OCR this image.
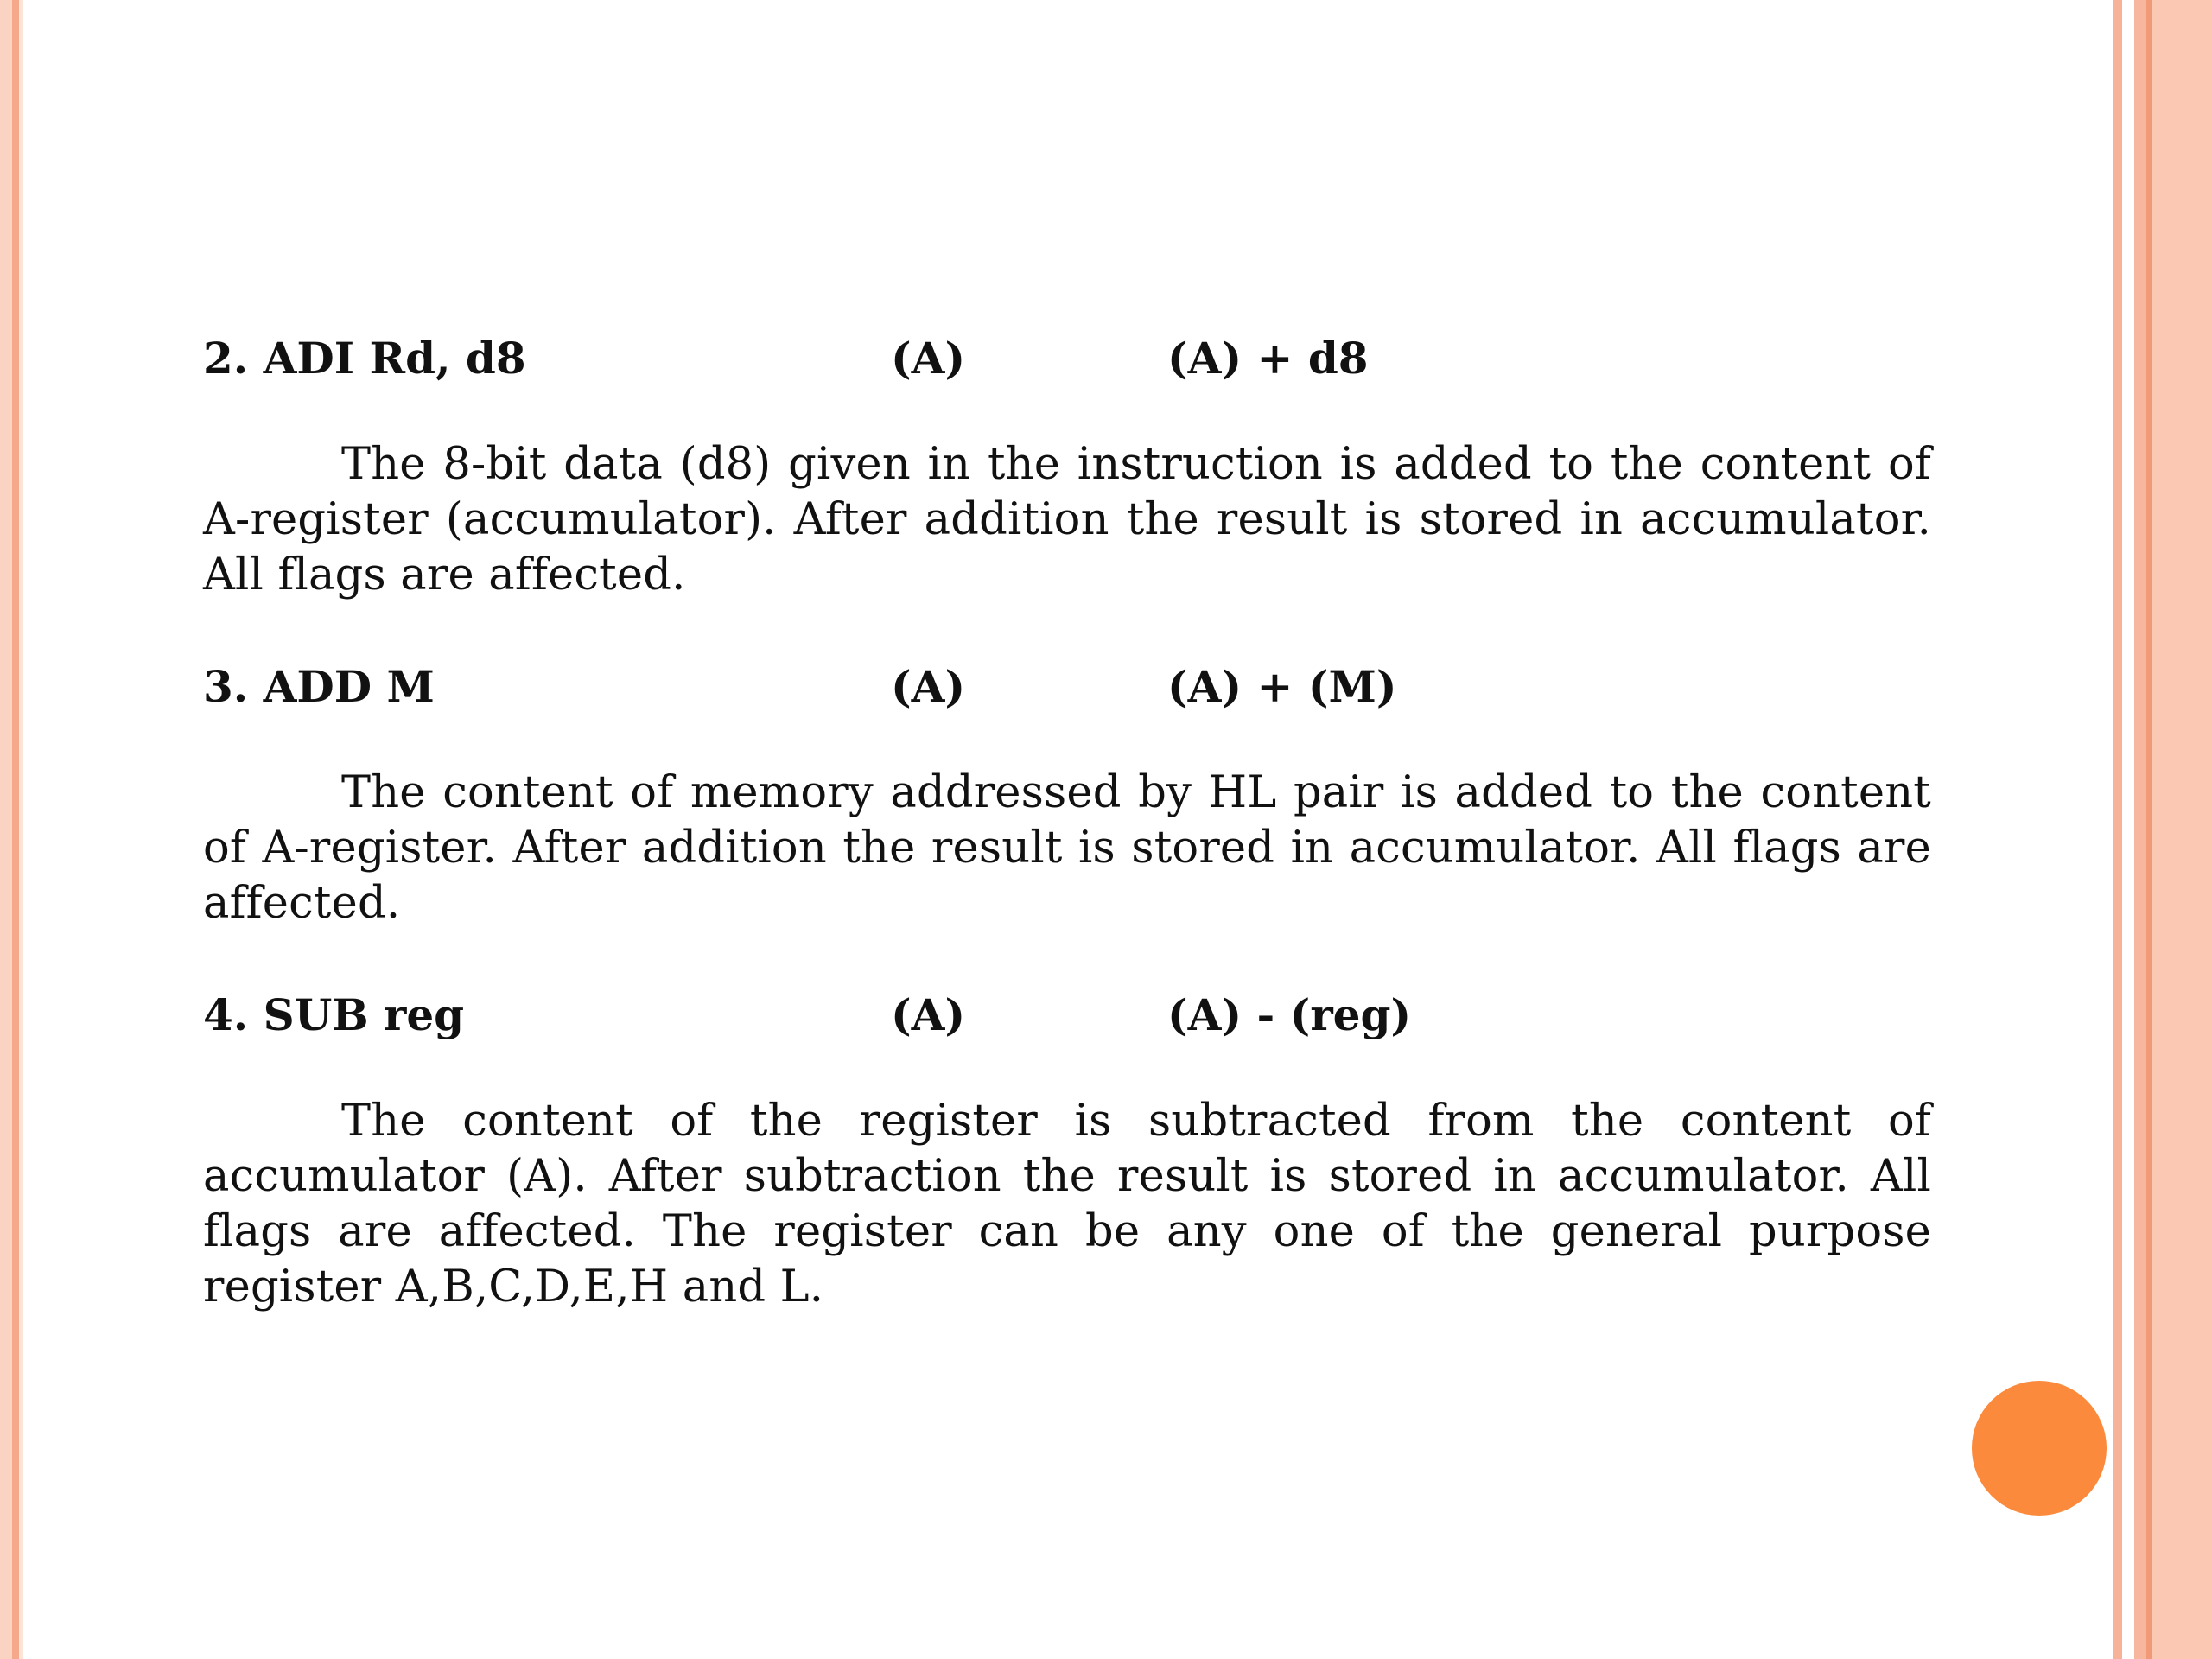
2. ADI Rd, d8	(A)	(A) + d8

The 8-bit data (d8) given in the instruction is added to the content of A-register (accumulator). After addition the result is stored in accumulator. All flags are affected.

3. ADD M	(A)	(A) + (M)

The content of memory addressed by HL pair is added to the content of A-register. After addition the result is stored in accumulator. All flags are affected.

4. SUB reg	(A)	(A) - (reg)

The content of the register is subtracted from the content of accumulator (A). After subtraction the result is stored in accumulator. All flags are affected. The register can be any one of the general purpose register A,B,C,D,E,H and L.
